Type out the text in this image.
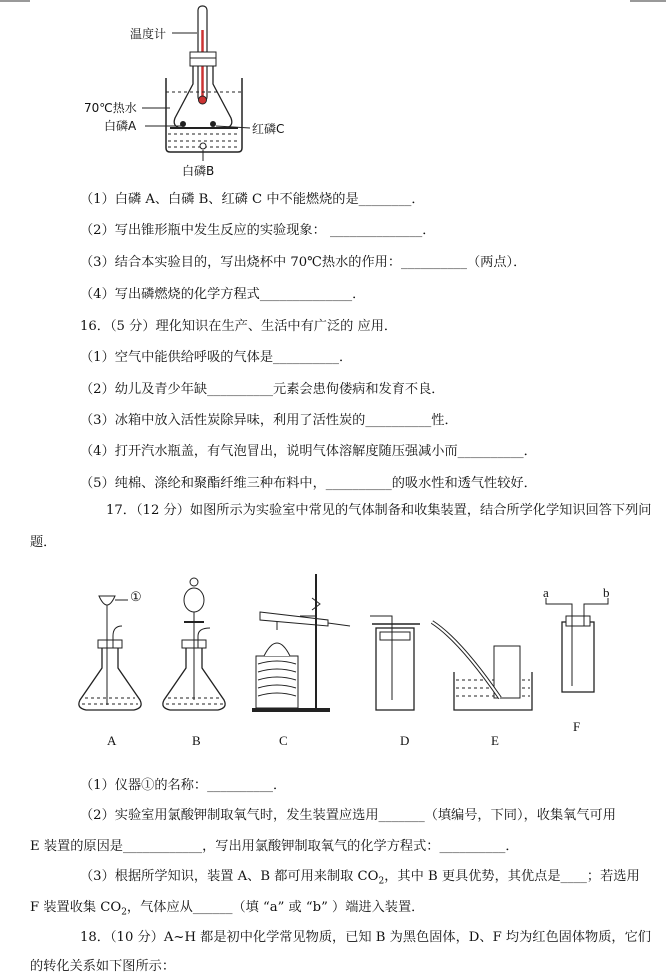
温度计
70℃热水
白磷A	红磷C
白磷B
（1）白磷 A、白磷 B、红磷 C 中不能燃烧的是________．
（2）写出锥形瓶中发生反应的实验现象： ______________．
（3）结合本实验目的，写出烧杯中 70℃热水的作用：__________（两点）．
（4）写出磷燃烧的化学方程式______________．
16．（5 分）理化知识在生产、生活中有广泛的 应用．
（1）空气中能供给呼吸的气体是__________．
（2）幼儿及青少年缺__________元素会患佝偻病和发育不良．
（3）冰箱中放入活性炭除异味，利用了活性炭的__________性．
（4）打开汽水瓶盖，有气泡冒出，说明气体溶解度随压强减小而__________．
（5）纯棉、涤纶和聚酯纤维三种布料中，__________的吸水性和透气性较好．
17．（12 分）如图所示为实验室中常见的气体制备和收集装置，结合所学化学知识回答下列问
题．
①	a	b
A	B	C	D	E
F
（1）仪器①的名称：__________．
（2）实验室用氯酸钾制取氧气时，发生装置应选用_______（填编号，下同），收集氧气可用
E 装置的原因是____________，写出用氯酸钾制取氧气的化学方程式：__________．
（3）根据所学知识，装置 A、B 都可用来制取 $CO_2$，其中 B 更具优势，其优点是____；若选用
F 装置收集 $CO_2$，气体应从______（填 “a” 或 “b” ）端进入装置．
18．（10 分）A~H 都是初中化学常见物质，已知 B 为黑色固体，D、F 均为红色固体物质，它们
的转化关系如下图所示：
